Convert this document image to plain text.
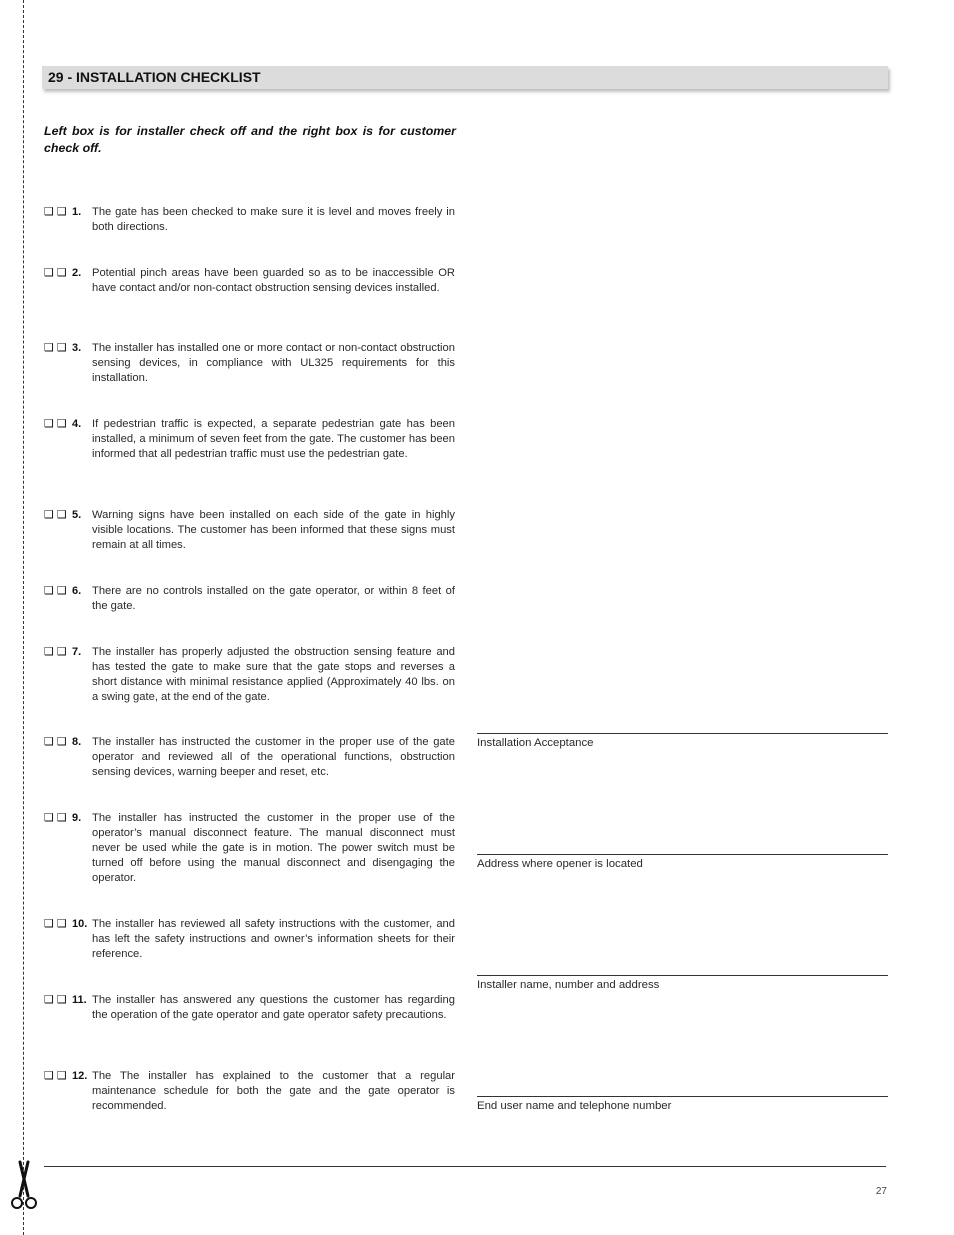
29 - INSTALLATION CHECKLIST
Left box is for installer check off and the right box is for customer check off.
❑ ❑ 1. The gate has been checked to make sure it is level and moves freely in both directions.
❑ ❑ 2. Potential pinch areas have been guarded so as to be inaccessible OR have contact and/or non-contact obstruction sensing devices installed.
❑ ❑ 3. The installer has installed one or more contact or non-contact obstruction sensing devices, in compliance with UL325 requirements for this installation.
❑ ❑ 4. If pedestrian traffic is expected, a separate pedestrian gate has been installed, a minimum of seven feet from the gate. The customer has been informed that all pedestrian traffic must use the pedestrian gate.
❑ ❑ 5. Warning signs have been installed on each side of the gate in highly visible locations. The customer has been informed that these signs must remain at all times.
❑ ❑ 6. There are no controls installed on the gate operator, or within 8 feet of the gate.
❑ ❑ 7. The installer has properly adjusted the obstruction sensing feature and has tested the gate to make sure that the gate stops and reverses a short distance with minimal resistance applied (Approximately 40 lbs. on a swing gate, at the end of the gate.
❑ ❑ 8. The installer has instructed the customer in the proper use of the gate operator and reviewed all of the operational functions, obstruction sensing devices, warning beeper and reset, etc.
❑ ❑ 9. The installer has instructed the customer in the proper use of the operator’s manual disconnect feature. The manual disconnect must never be used while the gate is in motion. The power switch must be turned off before using the manual disconnect and disengaging the operator.
❑ ❑ 10. The installer has reviewed all safety instructions with the customer, and has left the safety instructions and owner’s information sheets for their reference.
❑ ❑ 11. The installer has answered any questions the customer has regarding the operation of the gate operator and gate operator safety precautions.
❑ ❑ 12. The The installer has explained to the customer that a regular maintenance schedule for both the gate and the gate operator is recommended.
Installation Acceptance
Address where opener is located
Installer name, number and address
End user name and telephone number
27
